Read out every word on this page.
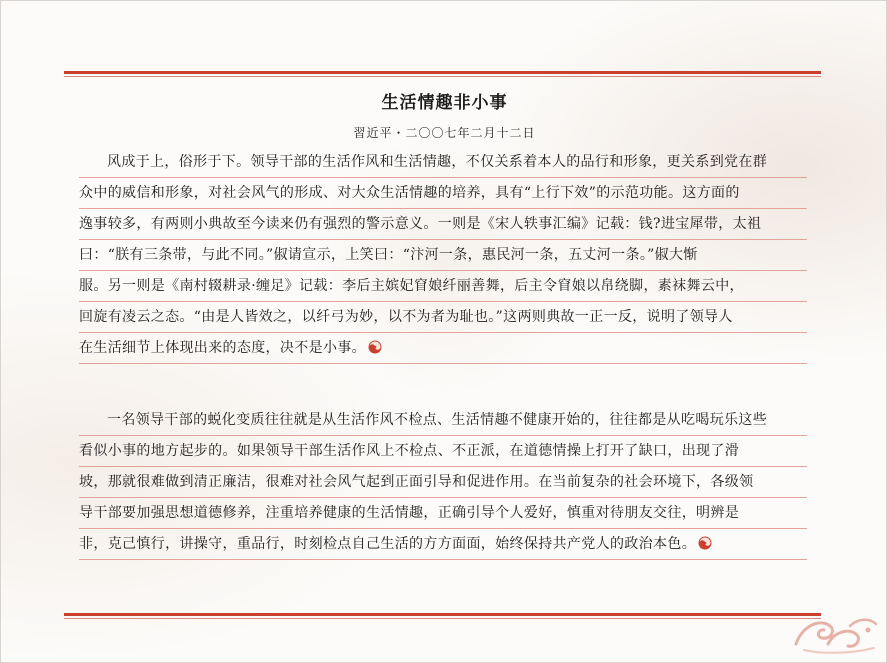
生活情趣非小事
習近平・二〇〇七年二月十二日
风成于上，俗形于下。领导干部的生活作风和生活情趣，不仅关系着本人的品行和形象，更关系到党在群
众中的威信和形象，对社会风气的形成、对大众生活情趣的培养，具有“上行下效”的示范功能。这方面的
逸事较多，有两则小典故至今读来仍有强烈的警示意义。一则是《宋人轶事汇编》记载：钱?进宝犀带，太祖
曰：“朕有三条带，与此不同。”俶请宣示，上笑曰：“汴河一条，惠民河一条，五丈河一条。”俶大惭
服。另一则是《南村辍耕录·缠足》记载：李后主嫔妃窅娘纤丽善舞，后主令窅娘以帛绕脚，素袜舞云中，
回旋有凌云之态。“由是人皆效之，以纤弓为妙，以不为者为耻也。”这两则典故一正一反，说明了领导人
在生活细节上体现出来的态度，决不是小事。
一名领导干部的蜕化变质往往就是从生活作风不检点、生活情趣不健康开始的，往往都是从吃喝玩乐这些
看似小事的地方起步的。如果领导干部生活作风上不检点、不正派，在道德情操上打开了缺口，出现了滑
坡，那就很难做到清正廉洁，很难对社会风气起到正面引导和促进作用。在当前复杂的社会环境下，各级领
导干部要加强思想道德修养，注重培养健康的生活情趣，正确引导个人爱好，慎重对待朋友交往，明辨是
非，克己慎行，讲操守，重品行，时刻检点自己生活的方方面面，始终保持共产党人的政治本色。
